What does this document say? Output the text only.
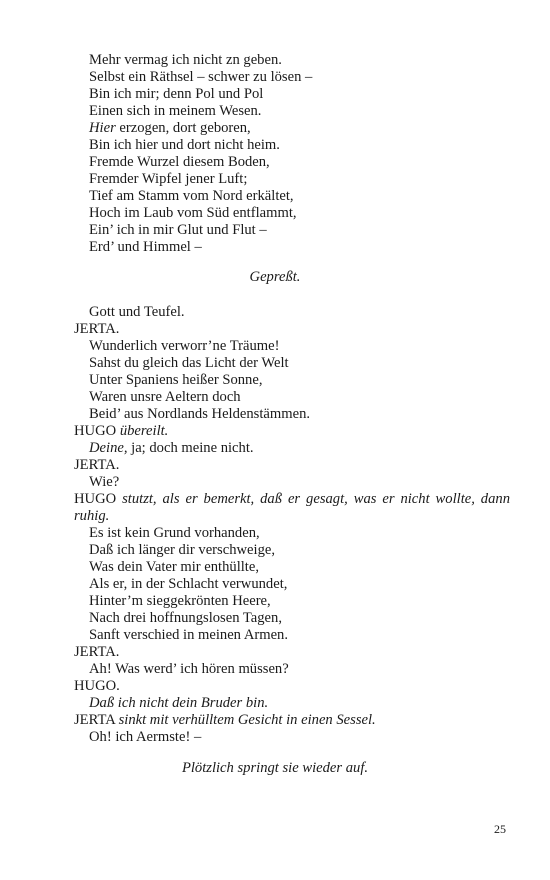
Mehr vermag ich nicht zn geben.
Selbst ein Räthsel – schwer zu lösen –
Bin ich mir; denn Pol und Pol
Einen sich in meinem Wesen.
Hier erzogen, dort geboren,
Bin ich hier und dort nicht heim.
Fremde Wurzel diesem Boden,
Fremder Wipfel jener Luft;
Tief am Stamm vom Nord erkältet,
Hoch im Laub vom Süd entflammt,
Ein’ ich in mir Glut und Flut –
Erd’ und Himmel –
Gepreßt.
Gott und Teufel.
JERTA.
Wunderlich verworr’ne Träume!
Sahst du gleich das Licht der Welt
Unter Spaniens heißer Sonne,
Waren unsre Aeltern doch
Beid’ aus Nordlands Heldenstämmen.
HUGO übereilt.
Deine, ja; doch meine nicht.
JERTA.
Wie?
HUGO stutzt, als er bemerkt, daß er gesagt, was er nicht wollte, dann
ruhig.
Es ist kein Grund vorhanden,
Daß ich länger dir verschweige,
Was dein Vater mir enthüllte,
Als er, in der Schlacht verwundet,
Hinter’m sieggekrönten Heere,
Nach drei hoffnungslosen Tagen,
Sanft verschied in meinen Armen.
JERTA.
Ah! Was werd’ ich hören müssen?
HUGO.
Daß ich nicht dein Bruder bin.
JERTA sinkt mit verhülltem Gesicht in einen Sessel.
Oh! ich Aermste! –
Plötzlich springt sie wieder auf.
25
